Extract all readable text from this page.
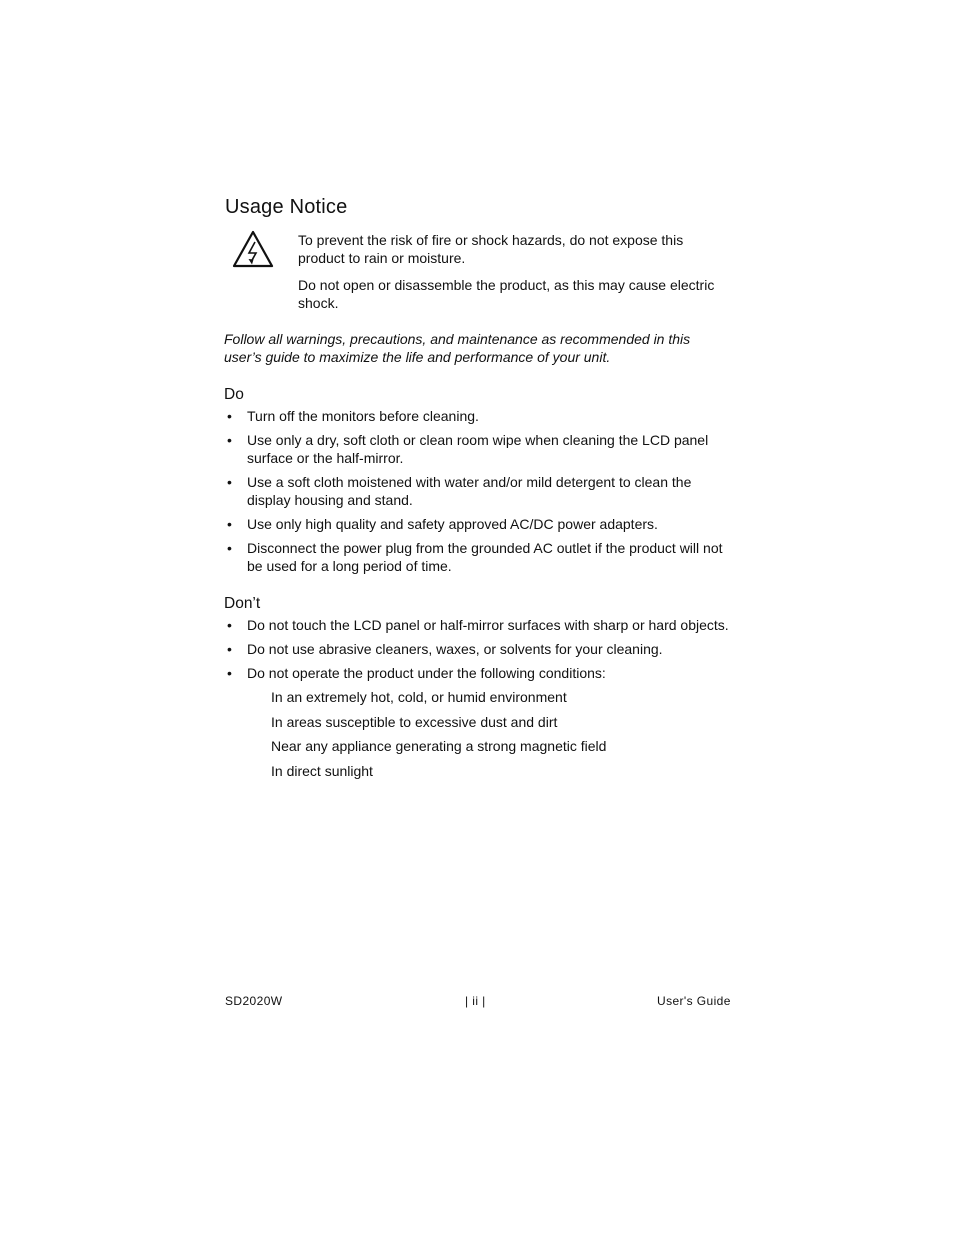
Usage Notice

To prevent the risk of fire or shock hazards, do not expose this product to rain or moisture.

Do not open or disassemble the product, as this may cause electric shock.

Follow all warnings, precautions, and maintenance as recommended in this user’s guide to maximize the life and performance of your unit.

Do
• Turn off the monitors before cleaning.
• Use only a dry, soft cloth or clean room wipe when cleaning the LCD panel surface or the half-mirror.
• Use a soft cloth moistened with water and/or mild detergent to clean the display housing and stand.
• Use only high quality and safety approved AC/DC power adapters.
• Disconnect the power plug from the grounded AC outlet if the product will not be used for a long period of time.
Don’t
• Do not touch the LCD panel or half-mirror surfaces with sharp or hard objects.
• Do not use abrasive cleaners, waxes, or solvents for your cleaning.
• Do not operate the product under the following conditions:
In an extremely hot, cold, or humid environment
In areas susceptible to excessive dust and dirt
Near any appliance generating a strong magnetic field
In direct sunlight
SD2020W	| ii |	User's Guide
